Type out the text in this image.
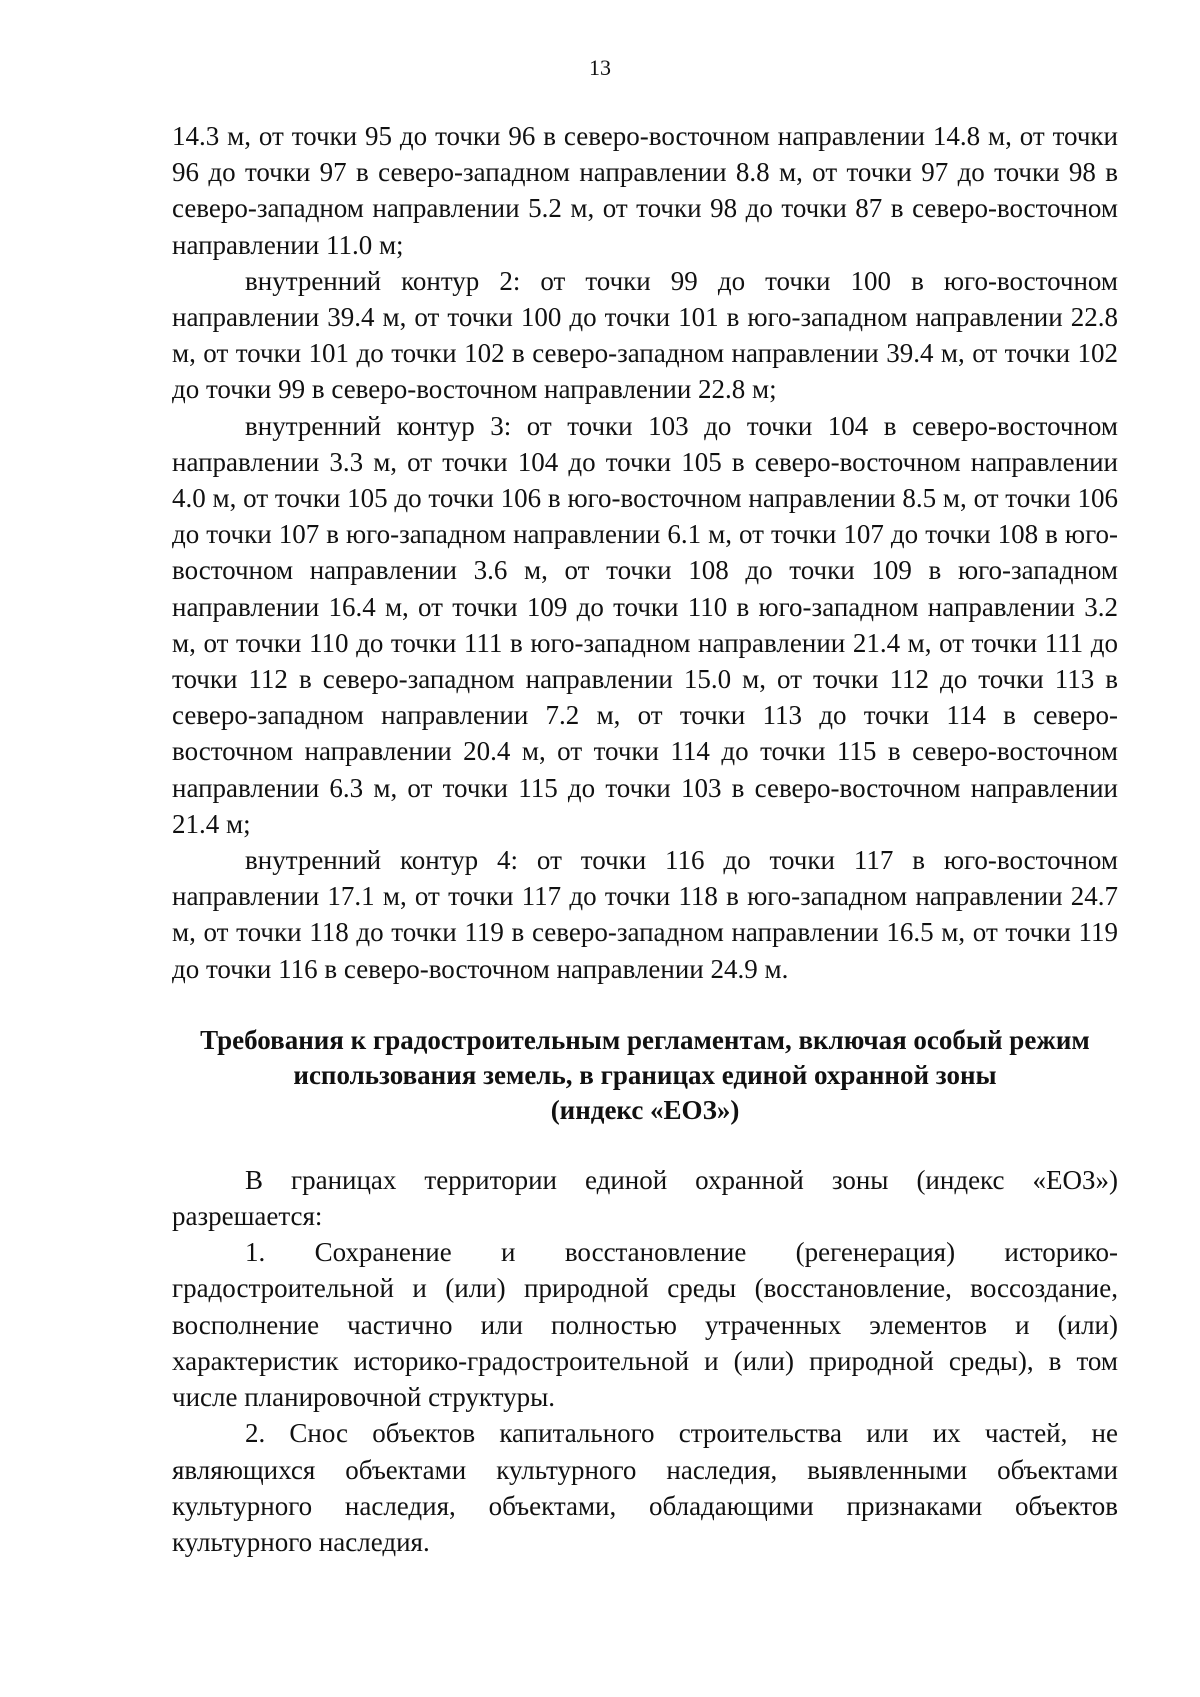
13

14.3 м, от точки 95 до точки 96 в северо-восточном направлении 14.8 м, от точки 96 до точки 97 в северо-западном направлении 8.8 м, от точки 97 до точки 98 в северо-западном направлении 5.2 м, от точки 98 до точки 87 в северо-восточном направлении 11.0 м;

внутренний контур 2: от точки 99 до точки 100 в юго-восточном направлении 39.4 м, от точки 100 до точки 101 в юго-западном направлении 22.8 м, от точки 101 до точки 102 в северо-западном направлении 39.4 м, от точки 102 до точки 99 в северо-восточном направлении 22.8 м;

внутренний контур 3: от точки 103 до точки 104 в северо-восточном направлении 3.3 м, от точки 104 до точки 105 в северо-восточном направлении 4.0 м, от точки 105 до точки 106 в юго-восточном направлении 8.5 м, от точки 106 до точки 107 в юго-западном направлении 6.1 м, от точки 107 до точки 108 в юго-восточном направлении 3.6 м, от точки 108 до точки 109 в юго-западном направлении 16.4 м, от точки 109 до точки 110 в юго-западном направлении 3.2 м, от точки 110 до точки 111 в юго-западном направлении 21.4 м, от точки 111 до точки 112 в северо-западном направлении 15.0 м, от точки 112 до точки 113 в северо-западном направлении 7.2 м, от точки 113 до точки 114 в северо-восточном направлении 20.4 м, от точки 114 до точки 115 в северо-восточном направлении 6.3 м, от точки 115 до точки 103 в северо-восточном направлении 21.4 м;

внутренний контур 4: от точки 116 до точки 117 в юго-восточном направлении 17.1 м, от точки 117 до точки 118 в юго-западном направлении 24.7 м, от точки 118 до точки 119 в северо-западном направлении 16.5 м, от точки 119 до точки 116 в северо-восточном направлении 24.9 м.

Требования к градостроительным регламентам, включая особый режим
использования земель, в границах единой охранной зоны
(индекс «ЕОЗ»)

В границах территории единой охранной зоны (индекс «ЕОЗ») разрешается:

1. Сохранение и восстановление (регенерация) историко-градостроительной и (или) природной среды (восстановление, воссоздание, восполнение частично или полностью утраченных элементов и (или) характеристик историко-градостроительной и (или) природной среды), в том числе планировочной структуры.

2. Снос объектов капитального строительства или их частей, не являющихся объектами культурного наследия, выявленными объектами культурного наследия, объектами, обладающими признаками объектов культурного наследия.
